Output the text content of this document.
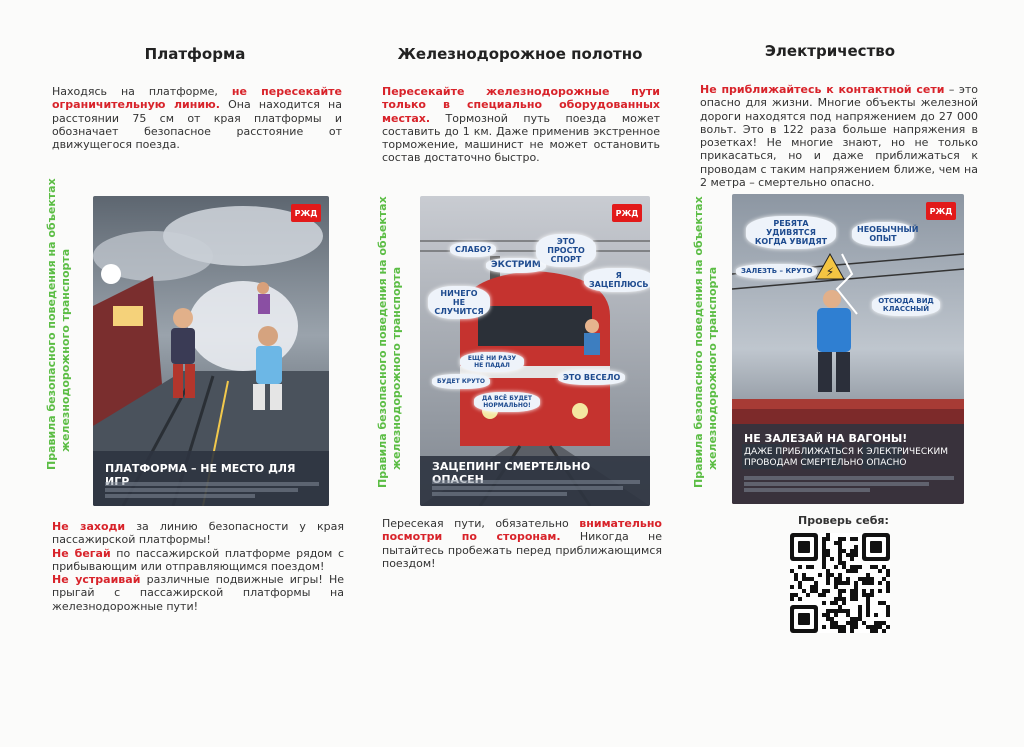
Платформа
Находясь на платформе, не пересекайте ограничительную линию. Она находится на расстоянии 75 см от края платформы и обозначает безопасное расстояние от движущегося поезда.
Правила безопасного поведения на объектах железнодорожного транспорта
РЖД
ПЛАТФОРМА – НЕ МЕСТО ДЛЯ
Не заходи за линию безопасности у края пассажирской платформы!
Не бегай по пассажирской платформе рядом с прибывающим или отправляющимся поездом!
Не устраивай различные подвижные игры! Не прыгай с пассажирской платформы на железнодорожные пути!
Железнодорожное полотно
Пересекайте железнодорожные пути только в специально оборудованных местах. Тормозной путь поезда может составить до 1 км. Даже применив экстренное торможение, машинист не может остановить состав достаточно быстро.
Правила безопасного поведения на объектах железнодорожного транспорта
РЖД
СЛАБО?
ЭКСТРИМ
ЭТО ПРОСТО СПОРТ
Я ЗАЦЕПЛЮСЬ
НИЧЕГО НЕ СЛУЧИТСЯ
ЭТО ВЕСЕЛО
ЕЩЁ НИ РАЗУ НЕ ПАДАЛ
БУДЕТ КРУТО
ДА ВСЁ БУДЕТ НОРМАЛЬНО!
ЗАЦЕПИНГ СМЕРТЕЛЬНО
Пересекая пути, обязательно внимательно посмотри по сторонам. Никогда не пытайтесь пробежать перед приближающимся поездом!
Электричество
Не приближайтесь к контактной сети – это опасно для жизни. Многие объекты железной дороги находятся под напряжением до 27 000 вольт. Это в 122 раза больше напряжения в розетках! Не многие знают, но не только прикасаться, но и даже приближаться к проводам с таким напряжением ближе, чем на 2 метра – смертельно опасно.
Правила безопасного поведения на объектах железнодорожного транспорта	⚡
РЖД
РЕБЯТА УДИВЯТСЯ КОГДА УВИДЯТ
НЕОБЫЧНЫЙ ОПЫТ
ЗАЛЕЗТЬ – КРУТО
ОТСЮДА ВИД КЛАССНЫЙ
НЕ ЗАЛЕЗАЙ НА ВАГОНЫ!
ДАЖЕ ПРИБЛИЖАТЬСЯ К ЭЛЕКТРИЧЕСКИМ ПРОВОДАМ СМЕРТЕЛЬНО ОПАСНО
Проверь себя:
